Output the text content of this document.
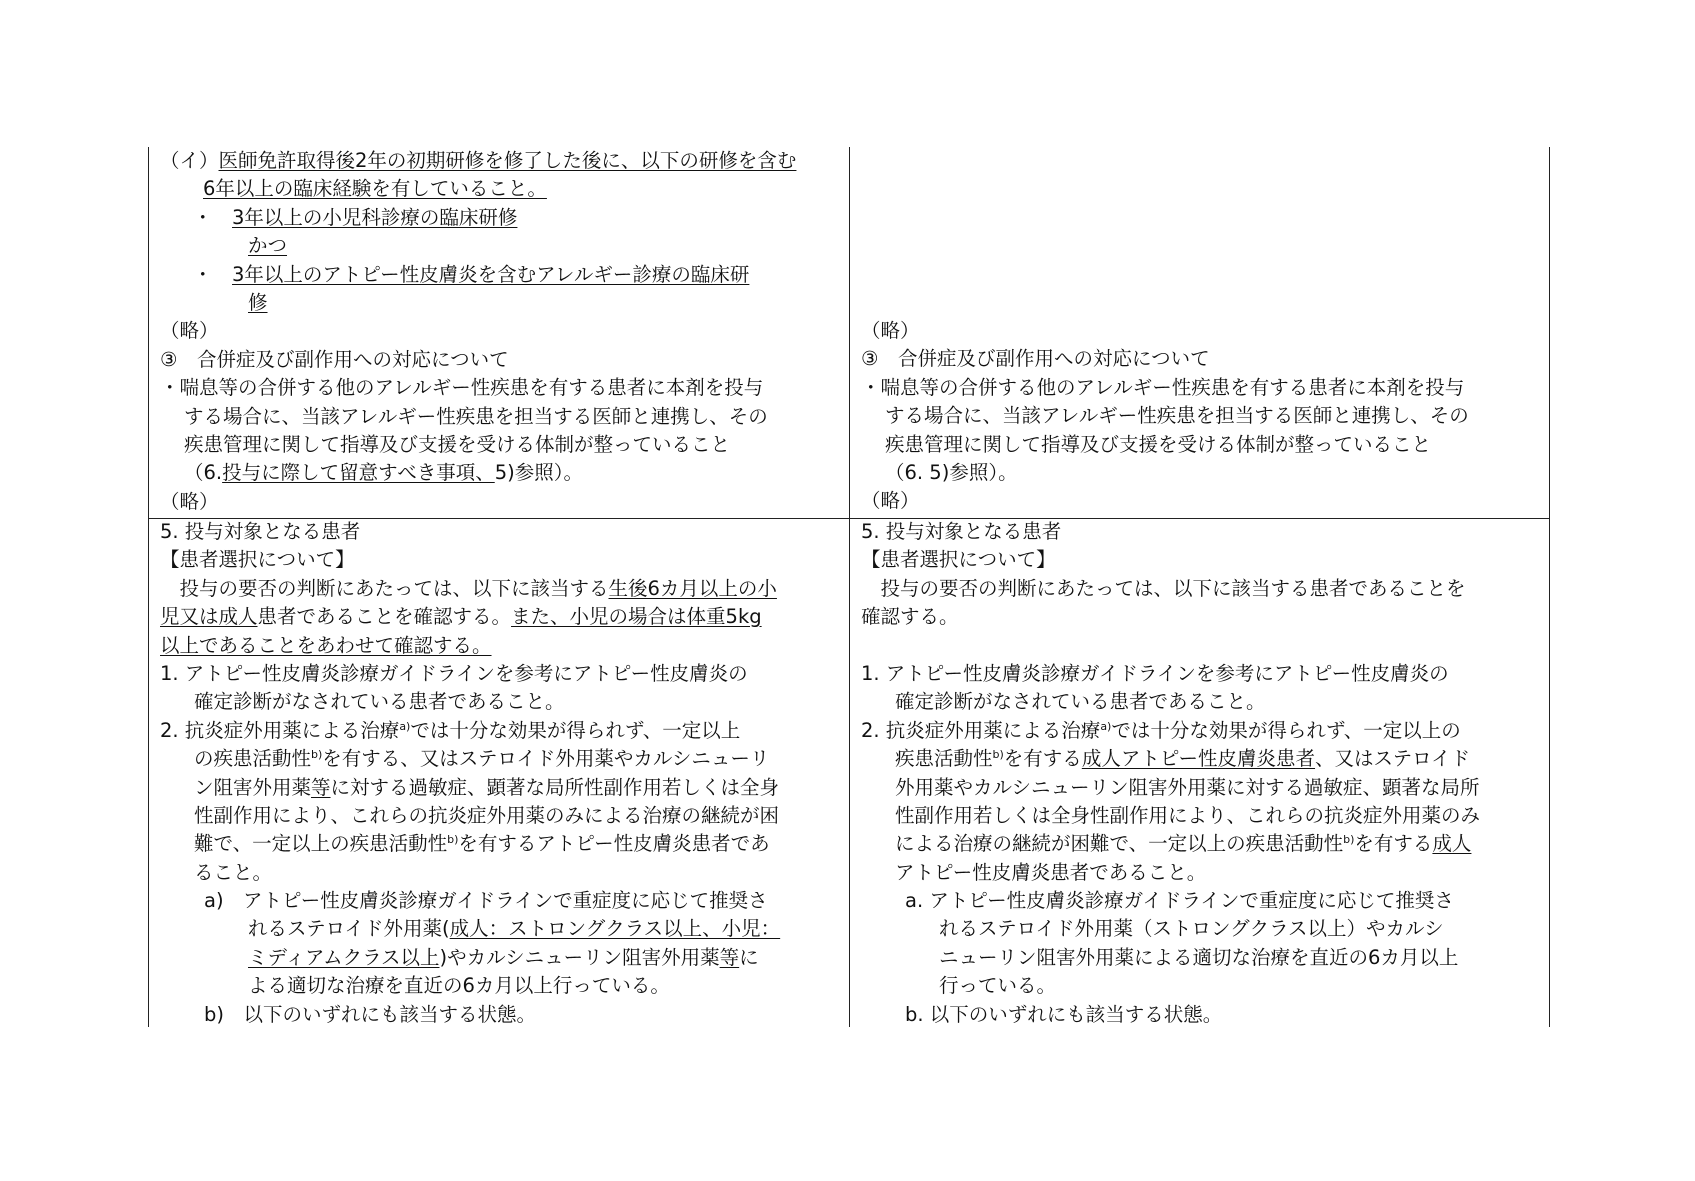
（イ）医師免許取得後2年の初期研修を修了した後に、以下の研修を含む
6年以上の臨床経験を有していること。
・　3年以上の小児科診療の臨床研修
かつ
・　3年以上のアトピー性皮膚炎を含むアレルギー診療の臨床研
修
（略）
③　合併症及び副作用への対応について
・喘息等の合併する他のアレルギー性疾患を有する患者に本剤を投与
する場合に、当該アレルギー性疾患を担当する医師と連携し、その
疾患管理に関して指導及び支援を受ける体制が整っていること
（6.投与に際して留意すべき事項、5)参照）。
（略）
5. 投与対象となる患者
【患者選択について】
　投与の要否の判断にあたっては、以下に該当する生後6カ月以上の小
児又は成人患者であることを確認する。また、小児の場合は体重5kg
以上であることをあわせて確認する。
1. アトピー性皮膚炎診療ガイドラインを参考にアトピー性皮膚炎の
確定診断がなされている患者であること。
2. 抗炎症外用薬による治療$^{a)}$では十分な効果が得られず、一定以上
の疾患活動性$^{b)}$を有する、又はステロイド外用薬やカルシニューリ
ン阻害外用薬等に対する過敏症、顕著な局所性副作用若しくは全身
性副作用により、これらの抗炎症外用薬のみによる治療の継続が困
難で、一定以上の疾患活動性$^{b)}$を有するアトピー性皮膚炎患者であ
ること。
a)　アトピー性皮膚炎診療ガイドラインで重症度に応じて推奨さ
れるステロイド外用薬(成人：ストロングクラス以上、小児：
ミディアムクラス以上)やカルシニューリン阻害外用薬等に
よる適切な治療を直近の6カ月以上行っている。
b)　以下のいずれにも該当する状態。
（略）
③　合併症及び副作用への対応について
・喘息等の合併する他のアレルギー性疾患を有する患者に本剤を投与
する場合に、当該アレルギー性疾患を担当する医師と連携し、その
疾患管理に関して指導及び支援を受ける体制が整っていること
（6. 5)参照）。
（略）
5. 投与対象となる患者
【患者選択について】
　投与の要否の判断にあたっては、以下に該当する患者であることを
確認する。
1. アトピー性皮膚炎診療ガイドラインを参考にアトピー性皮膚炎の
確定診断がなされている患者であること。
2. 抗炎症外用薬による治療$^{a)}$では十分な効果が得られず、一定以上の
疾患活動性$^{b)}$を有する成人アトピー性皮膚炎患者、又はステロイド
外用薬やカルシニューリン阻害外用薬に対する過敏症、顕著な局所
性副作用若しくは全身性副作用により、これらの抗炎症外用薬のみ
による治療の継続が困難で、一定以上の疾患活動性$^{b)}$を有する成人
アトピー性皮膚炎患者であること。
a. アトピー性皮膚炎診療ガイドラインで重症度に応じて推奨さ
れるステロイド外用薬（ストロングクラス以上）やカルシ
ニューリン阻害外用薬による適切な治療を直近の6カ月以上
行っている。
b. 以下のいずれにも該当する状態。
